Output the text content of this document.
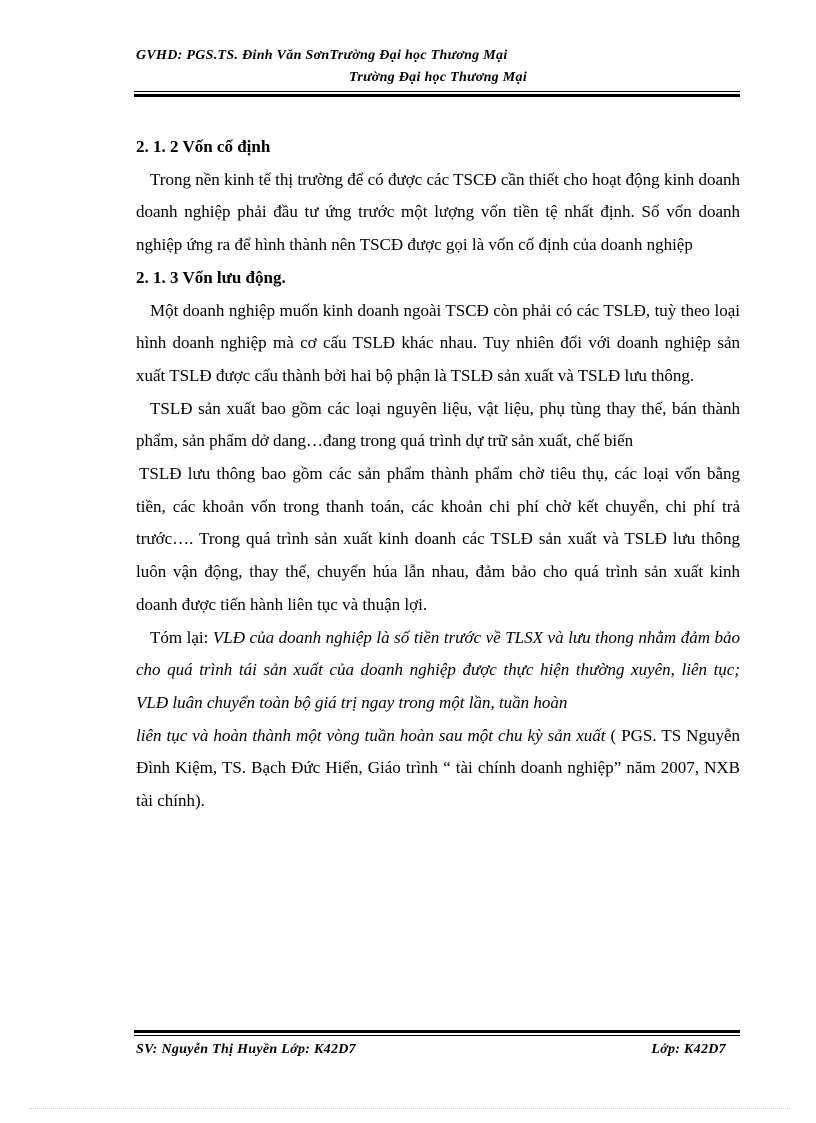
GVHD: PGS.TS. Đinh Văn SơnTrường Đại học Thương Mại
Trường Đại học Thương Mại

2. 1. 2 Vốn cố định

Trong nền kinh tế thị trường để có được các TSCĐ cần thiết cho hoạt động kinh doanh doanh nghiệp phải đầu tư ứng trước một lượng vốn tiền tệ nhất định. Số vốn doanh nghiệp ứng ra để hình thành nên TSCĐ được gọi là vốn cố định của doanh nghiệp

2. 1. 3 Vốn lưu động.

Một doanh nghiệp muốn kinh doanh ngoài TSCĐ còn phải có các TSLĐ, tuỳ theo loại hình doanh nghiệp mà cơ cấu TSLĐ khác nhau. Tuy nhiên đối với doanh nghiệp sản xuất TSLĐ được cấu thành bởi hai bộ phận là TSLĐ sản xuất và TSLĐ lưu thông.

TSLĐ sản xuất bao gồm các loại nguyên liệu, vật liệu, phụ tùng thay thế, bán thành phẩm, sản phẩm dở dang…đang trong quá trình dự trữ sản xuất, chế biến

TSLĐ lưu thông bao gồm các sản phẩm thành phẩm chờ tiêu thụ, các loại vốn bằng tiền, các khoản vốn trong thanh toán, các khoản chi phí chờ kết chuyển, chi phí trả trước…. Trong quá trình sản xuất kinh doanh các TSLĐ sản xuất và TSLĐ lưu thông luôn vận động, thay thế, chuyển húa lẫn nhau, đảm bảo cho quá trình sản xuất kinh doanh được tiến hành liên tục và thuận lợi.

Tóm lại: VLĐ của doanh nghiệp là số tiền trước về TLSX và lưu thong nhằm đảm bảo cho quá trình tái sản xuất của doanh nghiệp được thực hiện thường xuyên, liên tục; VLĐ luân chuyển toàn bộ giá trị ngay trong một lần, tuần hoàn

liên tục và hoàn thành một vòng tuần hoàn sau một chu kỳ sản xuất ( PGS. TS Nguyễn Đình Kiệm, TS. Bạch Đức Hiển, Giáo trình “ tài chính doanh nghiệp” năm 2007, NXB tài chính).

SV: Nguyễn Thị Huyền Lớp: K42D7	Lớp: K42D7
